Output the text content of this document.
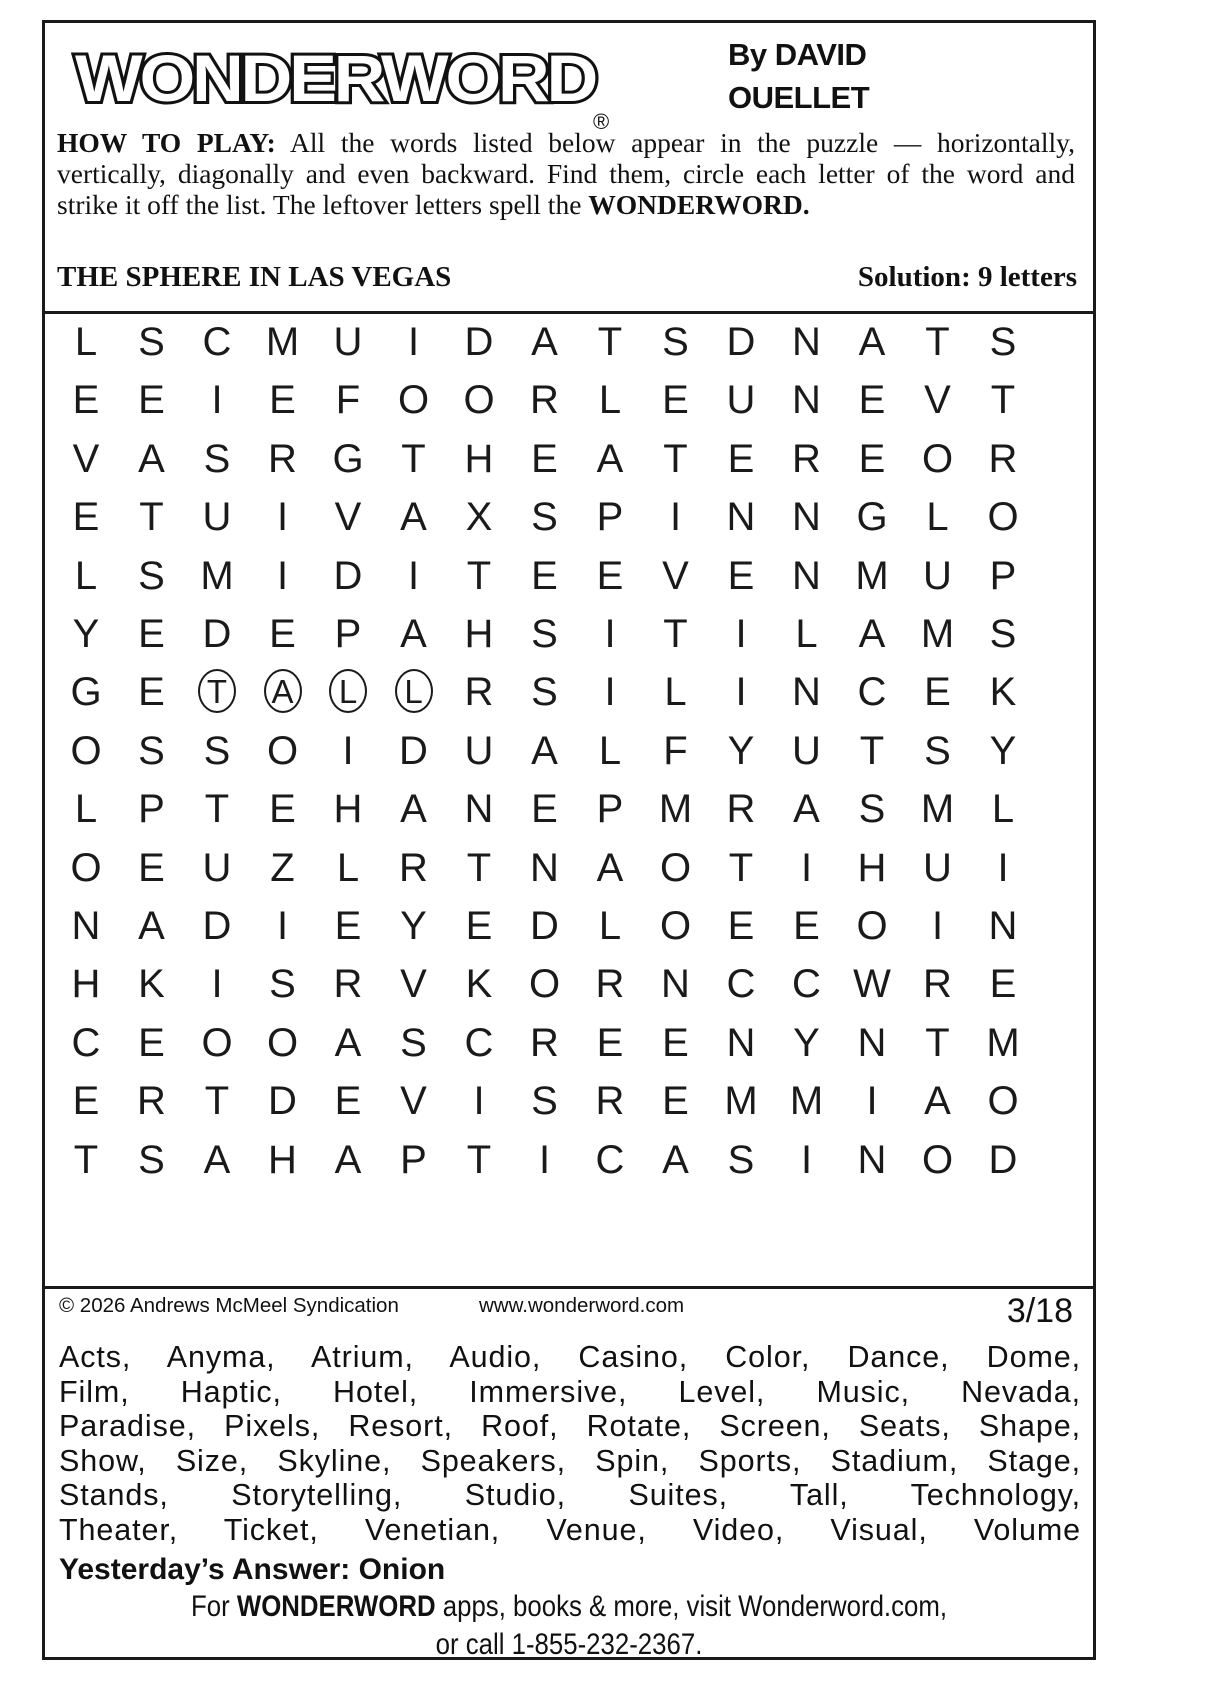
WONDERWORD
®
By DAVID
OUELLET
HOW TO PLAY: All the words listed below appear in the puzzle — horizontally, vertically, diagonally and even backward. Find them, circle each letter of the word and strike it off the list. The leftover letters spell the WONDERWORD.
THE SPHERE IN LAS VEGAS	Solution: 9 letters
L	S C M U	I	D A T S D N A T S
E E	I	E F O O R L	E U N E V T
V A S R G T H E A T E R E O R
E T U	I	V A X S P	I	N N G L O
L	S M	I	D	I	T E E V E N M U P
Y E D E P A H S	I	T	I	L	A M S
G E	T	A	L	L	R S	I	L	I	N C E K
O S S O	I	D U A	L	F Y U T S Y
L	P T E H A N E P M R A S M L
O E U Z	L R T N A O T	I	H U	I
N A D	I	E Y E D L O E E O	I	N
H K	I	S R V K O R N C C W R E
C E O O A S C R E E N Y N T M
E R T D E V	I	S R E M M	I	A O
T S A H A P T	I	C A S	I	N O D
© 2026 Andrews McMeel Syndication	www.wonderword.com	3/18
Acts, Anyma, Atrium, Audio, Casino, Color, Dance, Dome,
Film, Haptic, Hotel, Immersive, Level, Music, Nevada,
Paradise, Pixels, Resort, Roof, Rotate, Screen, Seats, Shape,
Show, Size, Skyline, Speakers, Spin, Sports, Stadium, Stage,
Stands, Storytelling, Studio, Suites, Tall, Technology,
Theater, Ticket, Venetian, Venue, Video, Visual, Volume
Yesterday’s Answer: Onion
For WONDERWORD apps, books & more, visit Wonderword.com,
or call 1-855-232-2367.
